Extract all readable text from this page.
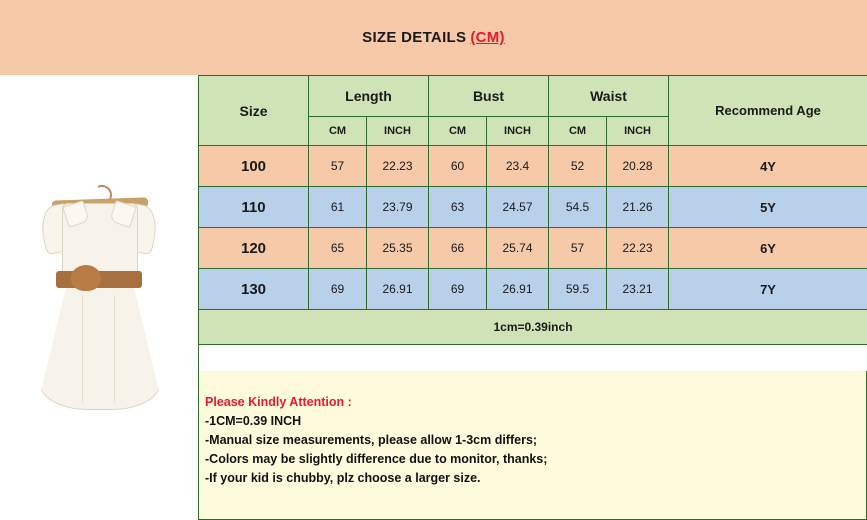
SIZE DETAILS (CM)
Size	Length		Bust		Waist		Recommend Age
	CM	INCH	CM	INCH	CM	INCH	
100	57	22.23	60	23.4	52	20.28	4Y
110	61	23.79	63	24.57	54.5	21.26	5Y
120	65	25.35	66	25.74	57	22.23	6Y
130	69	26.91	69	26.91	59.5	23.21	7Y
1cm=0.39inch							
Please Kindly Attention :
-1CM=0.39 INCH
-Manual size measurements, please allow 1-3cm differs;
-Colors may be slightly difference due to monitor, thanks;
-If your kid is chubby, plz choose a larger size.
